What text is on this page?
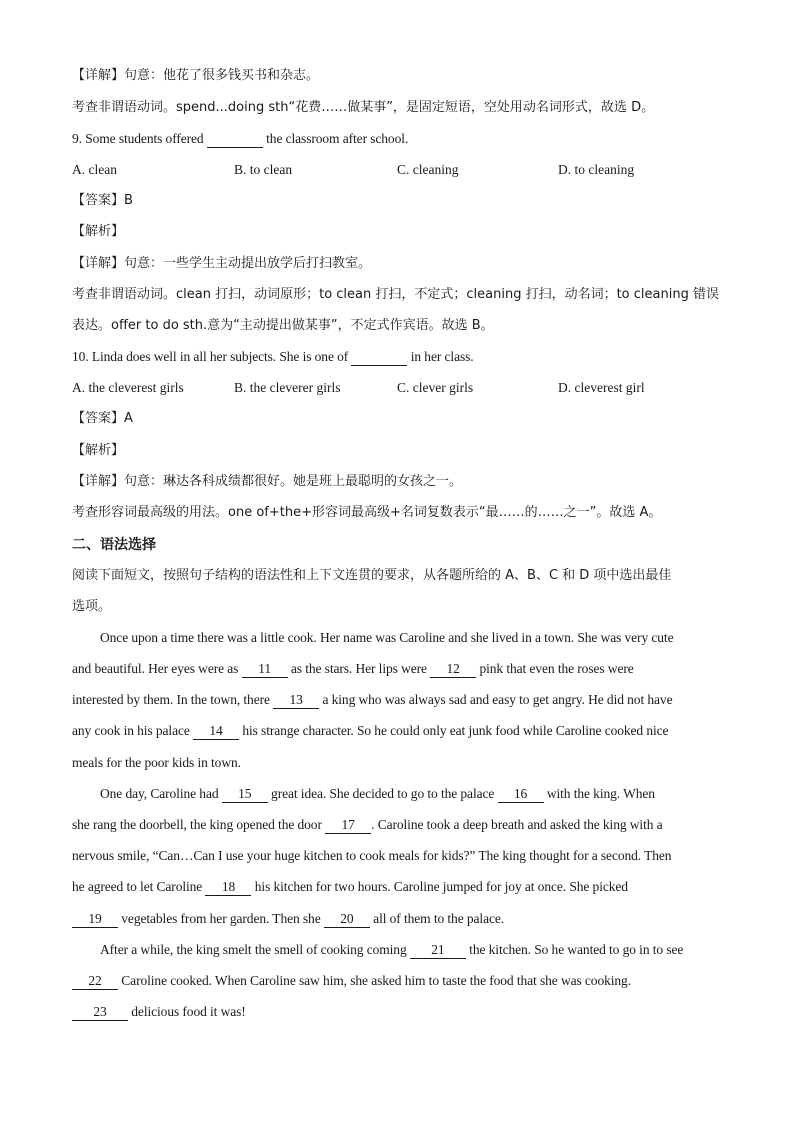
【详解】句意：他花了很多钱买书和杂志。
考查非谓语动词。spend...doing sth“花费……做某事”，是固定短语，空处用动名词形式，故选 D。
9. Some students offered	the classroom after school.
A. clean	B. to clean	C. cleaning	D. to cleaning
【答案】B
【解析】
【详解】句意：一些学生主动提出放学后打扫教室。
考查非谓语动词。clean 打扫，动词原形；to clean 打扫，不定式；cleaning 打扫，动名词；to cleaning 错误
表达。offer to do sth.意为“主动提出做某事”，不定式作宾语。故选 B。
10. Linda does well in all her subjects. She is one of	in her class.
A. the cleverest girls	B. the cleverer girls	C. clever girls	D. cleverest girl
【答案】A
【解析】
【详解】句意：琳达各科成绩都很好。她是班上最聪明的女孩之一。
考查形容词最高级的用法。one of+the+形容词最高级+名词复数表示“最……的……之一”。故选 A。
二、语法选择
阅读下面短文，按照句子结构的语法性和上下文连贯的要求，从各题所给的 A、B、C 和 D 项中选出最佳
选项。
Once upon a time there was a little cook. Her name was Caroline and she lived in a town. She was very cute
and beautiful. Her eyes were as 11 as the stars. Her lips were 12 pink that even the roses were
interested by them. In the town, there 13 a king who was always sad and easy to get angry. He did not have
any cook in his palace 14 his strange character. So he could only eat junk food while Caroline cooked nice
meals for the poor kids in town.
One day, Caroline had 15 great idea. She decided to go to the palace 16 with the king. When
she rang the doorbell, the king opened the door 17 . Caroline took a deep breath and asked the king with a
nervous smile, “Can…Can I use your huge kitchen to cook meals for kids?” The king thought for a second. Then
he agreed to let Caroline 18 his kitchen for two hours. Caroline jumped for joy at once. She picked
19 vegetables from her garden. Then she 20 all of them to the palace.
After a while, the king smelt the smell of cooking coming 21 the kitchen. So he wanted to go in to see
22 Caroline cooked. When Caroline saw him, she asked him to taste the food that she was cooking.
23 delicious food it was!
